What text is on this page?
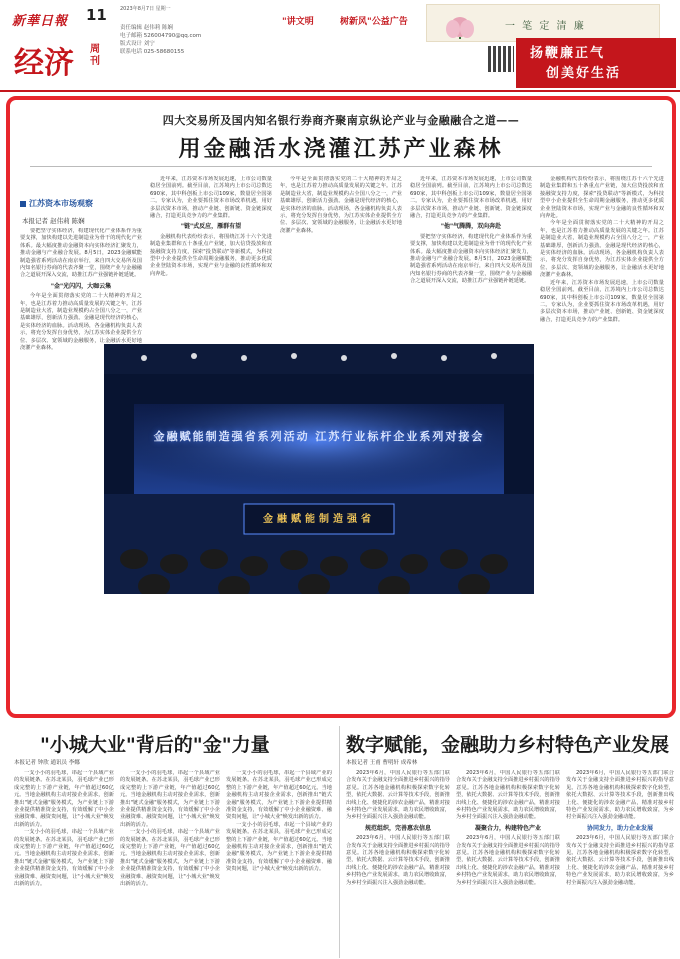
新華日報 11	2023年8月7日 星期一
责任编辑 赵伟莉 陈娴
电子邮箱 526004790@qq.com
版式设计 刘宁
联系电话 025-58680155
经济 周刊
"讲文明	树新风"公益广告	一 笔 定 清 廉
扬鞭廉正气
创美好生活
四大交易所及国内知名银行券商齐聚南京纵论产业与金融融合之道——
用金融活水浇灌江苏产业森林
江苏资本市场观察
本报记者 赵伟莉 陈娴

要把坚守实体经济，构建现代化产业体系作为重要支撑，加快构建以先进制造业为骨干的现代化产业体系。最大幅度推动金融资本向实体经济汇聚发力，推动金融与产业融合发展。8月5日，2023金融赋能制造强省系列活动在南京举行，来自四大交易所及国内知名银行券商的代表齐聚一堂，围绕产业与金融融合之道展开深入交流，助推江苏产业强链补链延链。

"金"光闪闪，大咖云集

今年是全面贯彻落实党的二十大精神的开局之年，也是江苏着力推动高质量发展的关键之年。江苏是制造业大省，制造业规模约占全国八分之一，产业基础雄厚，创新活力强劲。金融是现代经济的核心，是实体经济的血脉。活动现场，各金融机构负责人表示，将充分发挥自身优势，为江苏实体企业提供全方位、多层次、宽领域的金融服务，让金融活水更好地浇灌产业森林。

近年来，江苏资本市场发展迅速，上市公司数量稳居全国前列。截至目前，江苏境内上市公司总数达690家，其中科创板上市公司109家，数量居全国第二。专家认为，企业要抓住资本市场改革机遇，用好多层次资本市场，推动产业链、创新链、资金链深度融合，打造更具竞争力的产业集群。

"链"式反应，雁群有望

金融机构代表纷纷表示，将围绕江苏十六个先进制造业集群和五十条重点产业链，加大信贷投放和直接融资支持力度，探索"投贷联动"等新模式，为科技型中小企业提供全生命周期金融服务，推动更多优质企业登陆资本市场，实现产业与金融的良性循环和双向奔赴。

今年是全面贯彻落实党的二十大精神的开局之年，也是江苏着力推动高质量发展的关键之年。江苏是制造业大省，制造业规模约占全国八分之一，产业基础雄厚，创新活力强劲。金融是现代经济的核心，是实体经济的血脉。活动现场，各金融机构负责人表示，将充分发挥自身优势，为江苏实体企业提供全方位、多层次、宽领域的金融服务，让金融活水更好地浇灌产业森林。

近年来，江苏资本市场发展迅速，上市公司数量稳居全国前列。截至目前，江苏境内上市公司总数达690家，其中科创板上市公司109家，数量居全国第二。专家认为，企业要抓住资本市场改革机遇，用好多层次资本市场，推动产业链、创新链、资金链深度融合，打造更具竞争力的产业集群。

"他"气腾腾，双向奔赴

要把坚守实体经济，构建现代化产业体系作为重要支撑，加快构建以先进制造业为骨干的现代化产业体系。最大幅度推动金融资本向实体经济汇聚发力，推动金融与产业融合发展。8月5日，2023金融赋能制造强省系列活动在南京举行，来自四大交易所及国内知名银行券商的代表齐聚一堂，围绕产业与金融融合之道展开深入交流，助推江苏产业强链补链延链。

金融机构代表纷纷表示，将围绕江苏十六个先进制造业集群和五十条重点产业链，加大信贷投放和直接融资支持力度，探索"投贷联动"等新模式，为科技型中小企业提供全生命周期金融服务，推动更多优质企业登陆资本市场，实现产业与金融的良性循环和双向奔赴。

今年是全面贯彻落实党的二十大精神的开局之年，也是江苏着力推动高质量发展的关键之年。江苏是制造业大省，制造业规模约占全国八分之一，产业基础雄厚，创新活力强劲。金融是现代经济的核心，是实体经济的血脉。活动现场，各金融机构负责人表示，将充分发挥自身优势，为江苏实体企业提供全方位、多层次、宽领域的金融服务，让金融活水更好地浇灌产业森林。

近年来，江苏资本市场发展迅速，上市公司数量稳居全国前列。截至目前，江苏境内上市公司总数达690家，其中科创板上市公司109家，数量居全国第二。专家认为，企业要抓住资本市场改革机遇，用好多层次资本市场，推动产业链、创新链、资金链深度融合，打造更具竞争力的产业集群。

金融赋能制造强省系列活动 江苏行业标杆企业系列对接会
金融赋能制造强省
"小城大业"背后的"金"力量
本报记者 钟欣 通讯员 李娜

一支小小的羽毛球，串起一个县域产业的发展链条。在苏北某县，羽毛球产业已形成完整的上下游产业链，年产值超过60亿元。当地金融机构主动对接企业需求，创新推出"链式金融"服务模式，为产业链上下游企业提供精准资金支持，有效缓解了中小企业融资难、融资贵问题，让"小城大业"焕发出新的活力。

一支小小的羽毛球，串起一个县域产业的发展链条。在苏北某县，羽毛球产业已形成完整的上下游产业链，年产值超过60亿元。当地金融机构主动对接企业需求，创新推出"链式金融"服务模式，为产业链上下游企业提供精准资金支持，有效缓解了中小企业融资难、融资贵问题，让"小城大业"焕发出新的活力。

一支小小的羽毛球，串起一个县域产业的发展链条。在苏北某县，羽毛球产业已形成完整的上下游产业链，年产值超过60亿元。当地金融机构主动对接企业需求，创新推出"链式金融"服务模式，为产业链上下游企业提供精准资金支持，有效缓解了中小企业融资难、融资贵问题，让"小城大业"焕发出新的活力。

一支小小的羽毛球，串起一个县域产业的发展链条。在苏北某县，羽毛球产业已形成完整的上下游产业链，年产值超过60亿元。当地金融机构主动对接企业需求，创新推出"链式金融"服务模式，为产业链上下游企业提供精准资金支持，有效缓解了中小企业融资难、融资贵问题，让"小城大业"焕发出新的活力。

一支小小的羽毛球，串起一个县域产业的发展链条。在苏北某县，羽毛球产业已形成完整的上下游产业链，年产值超过60亿元。当地金融机构主动对接企业需求，创新推出"链式金融"服务模式，为产业链上下游企业提供精准资金支持，有效缓解了中小企业融资难、融资贵问题，让"小城大业"焕发出新的活力。

一支小小的羽毛球，串起一个县域产业的发展链条。在苏北某县，羽毛球产业已形成完整的上下游产业链，年产值超过60亿元。当地金融机构主动对接企业需求，创新推出"链式金融"服务模式，为产业链上下游企业提供精准资金支持，有效缓解了中小企业融资难、融资贵问题，让"小城大业"焕发出新的活力。

数字赋能，金融助力乡村特色产业发展
本报记者 王甫 曹明轩 成希林

2023年6月，中国人民银行等五部门联合发布关于金融支持全面推进乡村振兴的指导意见。江苏各地金融机构积极探索数字化转型，依托大数据、云计算等技术手段，创新推出线上化、便捷化的涉农金融产品，精准对接乡村特色产业发展需求，助力农民增收致富，为乡村全面振兴注入强劲金融动能。

规范组织，完善惠农信息

2023年6月，中国人民银行等五部门联合发布关于金融支持全面推进乡村振兴的指导意见。江苏各地金融机构积极探索数字化转型，依托大数据、云计算等技术手段，创新推出线上化、便捷化的涉农金融产品，精准对接乡村特色产业发展需求，助力农民增收致富，为乡村全面振兴注入强劲金融动能。

2023年6月，中国人民银行等五部门联合发布关于金融支持全面推进乡村振兴的指导意见。江苏各地金融机构积极探索数字化转型，依托大数据、云计算等技术手段，创新推出线上化、便捷化的涉农金融产品，精准对接乡村特色产业发展需求，助力农民增收致富，为乡村全面振兴注入强劲金融动能。

凝聚合力，构建特色产业

2023年6月，中国人民银行等五部门联合发布关于金融支持全面推进乡村振兴的指导意见。江苏各地金融机构积极探索数字化转型，依托大数据、云计算等技术手段，创新推出线上化、便捷化的涉农金融产品，精准对接乡村特色产业发展需求，助力农民增收致富，为乡村全面振兴注入强劲金融动能。

2023年6月，中国人民银行等五部门联合发布关于金融支持全面推进乡村振兴的指导意见。江苏各地金融机构积极探索数字化转型，依托大数据、云计算等技术手段，创新推出线上化、便捷化的涉农金融产品，精准对接乡村特色产业发展需求，助力农民增收致富，为乡村全面振兴注入强劲金融动能。

协同发力，助力企业发展

2023年6月，中国人民银行等五部门联合发布关于金融支持全面推进乡村振兴的指导意见。江苏各地金融机构积极探索数字化转型，依托大数据、云计算等技术手段，创新推出线上化、便捷化的涉农金融产品，精准对接乡村特色产业发展需求，助力农民增收致富，为乡村全面振兴注入强劲金融动能。
